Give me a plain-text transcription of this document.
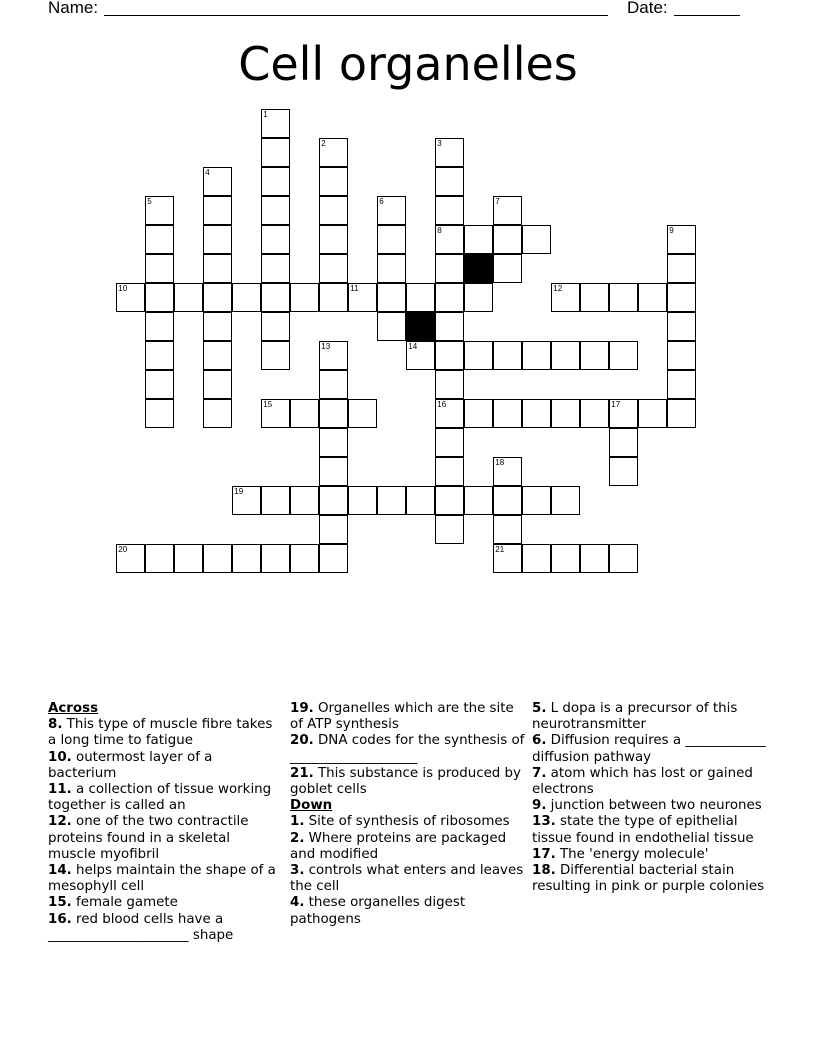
Name:	Date:
Cell organelles
1
2	3
4
5	6	7
8	9
10	11	12
13	14
15	16	17
18
19
20	21
Across
8. This type of muscle fibre takes a long time to fatigue
10. outermost layer of a bacterium
11. a collection of tissue working together is called an
12. one of the two contractile proteins found in a skeletal muscle myofibril
14. helps maintain the shape of a mesophyll cell
15. female gamete
16. red blood cells have a _____________________ shape
19. Organelles which are the site of ATP synthesis
20. DNA codes for the synthesis of ___________________
21. This substance is produced by goblet cells
Down
1. Site of synthesis of ribosomes
2. Where proteins are packaged and modified
3. controls what enters and leaves the cell
4. these organelles digest pathogens
5. L dopa is a precursor of this neurotransmitter
6. Diffusion requires a ____________ diffusion pathway
7. atom which has lost or gained electrons
9. junction between two neurones
13. state the type of epithelial tissue found in endothelial tissue
17. The 'energy molecule'
18. Differential bacterial stain resulting in pink or purple colonies
